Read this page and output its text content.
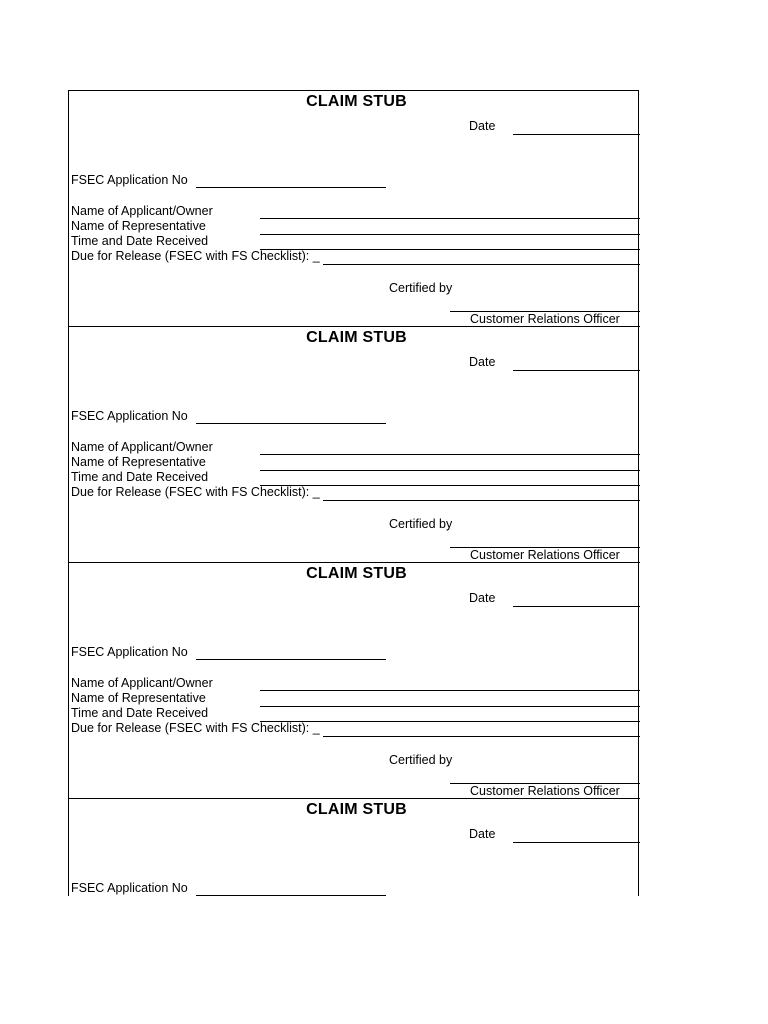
CLAIM STUB
Date
FSEC Application No
Name of Applicant/Owner
Name of Representative
Time and Date Received
Due for Release (FSEC with FS Checklist): _
Certified by
Customer Relations Officer
CLAIM STUB
Date
FSEC Application No
Name of Applicant/Owner
Name of Representative
Time and Date Received
Due for Release (FSEC with FS Checklist): _
Certified by
Customer Relations Officer
CLAIM STUB
Date
FSEC Application No
Name of Applicant/Owner
Name of Representative
Time and Date Received
Due for Release (FSEC with FS Checklist): _
Certified by
Customer Relations Officer
CLAIM STUB
Date
FSEC Application No
